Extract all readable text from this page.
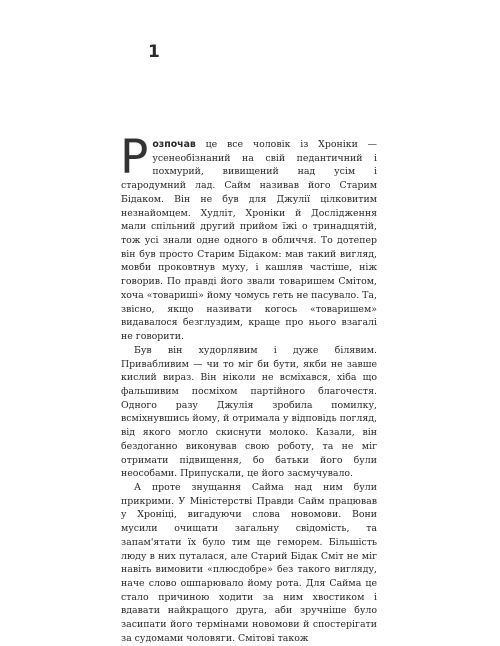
1

Розпочав це все чоловік із Хроніки — усенеобізнаний на свій педантичний і похмурий, вивищений над усім і стародумний лад. Сайм називав його Старим Бідаком. Він не був для Джулії цілковитим незнайомцем. Худліт, Хроніки й Дослідження мали спільний другий прийом їжі о тринадцятій, тож усі знали одне одного в обличчя. То дотепер він був просто Старим Бідаком: мав такий вигляд, мовби проковтнув муху, і кашляв частіше, ніж говорив. По правді його звали товаришем Смітом, хоча «товариші» йому чомусь геть не пасувало. Та, звісно, якщо називати когось «товаришем» видавалося безглуздим, краще про нього взагалі не говорити.

Був він худорлявим і дуже білявим. Привабливим — чи то міг би бути, якби не завше кислий вираз. Він ніколи не всміхався, хіба що фальшивим посміхом партійного благочестя. Одного разу Джулія зробила помилку, всміхнувшись йому, й отримала у відповідь погляд, від якого могло скиснути молоко. Казали, він бездоганно виконував свою роботу, та не міг отримати підвищення, бо батьки його були неособами. Припускали, це його засмучувало.

А проте знущання Сайма над ним були прикрими. У Міністерстві Правди Сайм працював у Хроніці, вигадуючи слова новомови. Вони мусили очищати загальну свідомість, та запам'ятати їх було тим ще геморем. Більшість люду в них путалася, але Старий Бідак Сміт не міг навіть вимовити «плюсдобре» без такого вигляду, наче слово ошпарювало йому рота. Для Сайма це стало причиною ходити за ним хвостиком і вдавати найкращого друга, аби зручніше було засипати його термінами новомови й спостерігати за судомами чоловяги. Смітові також
